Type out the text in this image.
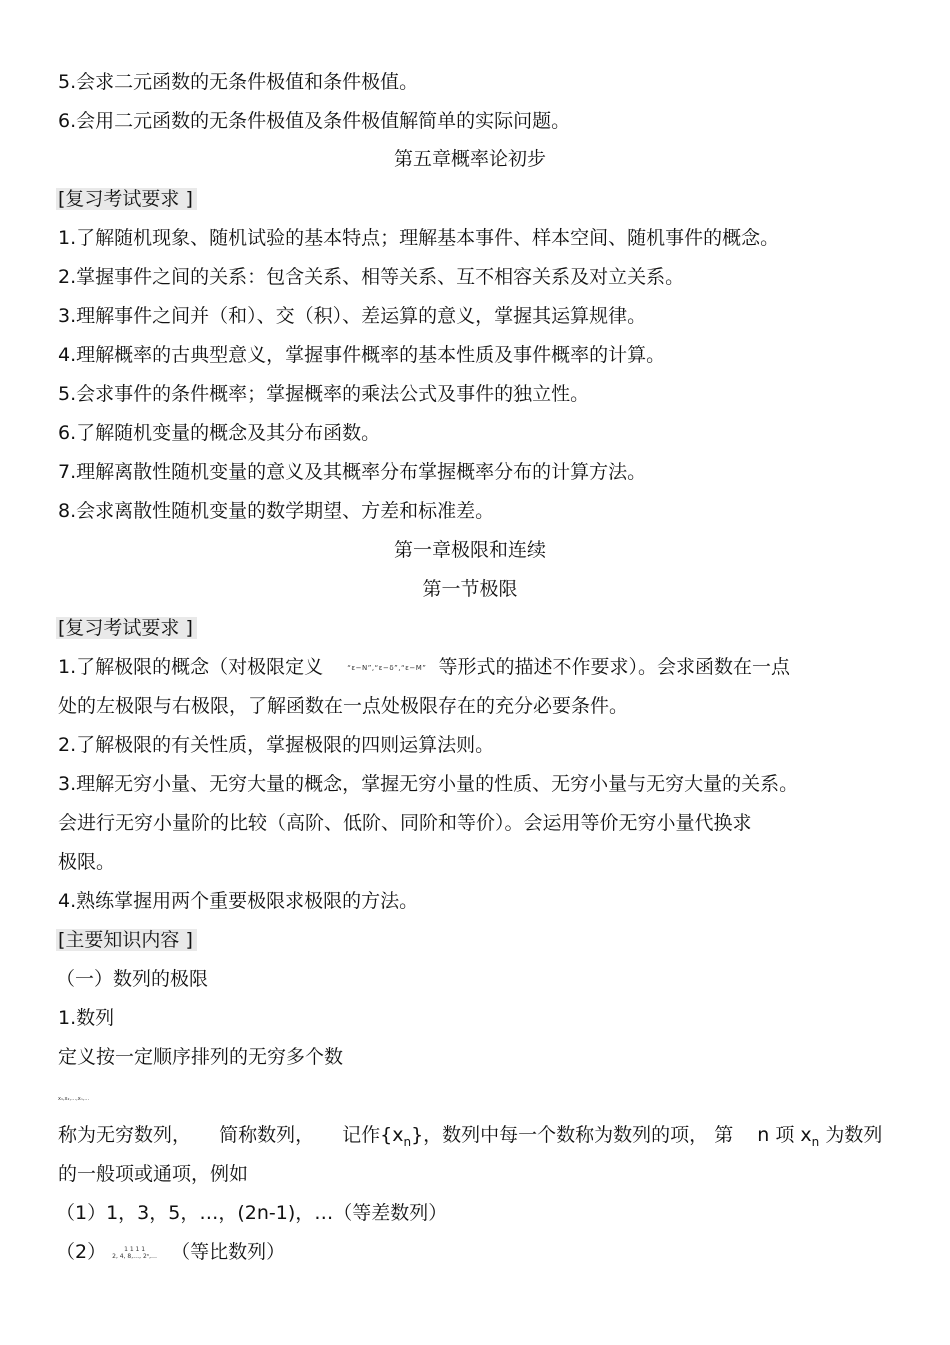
5.会求二元函数的无条件极值和条件极值。
6.会用二元函数的无条件极值及条件极值解简单的实际问题。
第五章概率论初步
[复习考试要求 ]
1.了解随机现象、随机试验的基本特点；理解基本事件、样本空间、随机事件的概念。
2.掌握事件之间的关系：包含关系、相等关系、互不相容关系及对立关系。
3.理解事件之间并（和）、交（积）、差运算的意义，掌握其运算规律。
4.理解概率的古典型意义，掌握事件概率的基本性质及事件概率的计算。
5.会求事件的条件概率；掌握概率的乘法公式及事件的独立性。
6.了解随机变量的概念及其分布函数。
7.理解离散性随机变量的意义及其概率分布掌握概率分布的计算方法。
8.会求离散性随机变量的数学期望、方差和标准差。
第一章极限和连续
第一节极限
[复习考试要求 ]
1.了解极限的概念（对极限定义	“ε−N”,“ε−δ”,“ε−M” 等形式的描述不作要求）。会求函数在一点
处的左极限与右极限，了解函数在一点处极限存在的充分必要条件。
2.了解极限的有关性质，掌握极限的四则运算法则。
3.理解无穷小量、无穷大量的概念，掌握无穷小量的性质、无穷小量与无穷大量的关系。
会进行无穷小量阶的比较（高阶、低阶、同阶和等价）。会运用等价无穷小量代换求
极限。
4.熟练掌握用两个重要极限求极限的方法。
[主要知识内容 ]
（一）数列的极限
1.数列
定义按一定顺序排列的无穷多个数
x₁,x₂,…,xₙ,…
称为无穷数列， 简称数列， 记作$\{x_n\}$，数列中每一个数称为数列的项， 第 n 项 $x_n$ 为数列
的一般项或通项，例如
（1）1，3，5，…，(2n-1)，…（等差数列）
（2）	1 1 1 1
2, 4, 8,…, 2ⁿ,… （等比数列）
